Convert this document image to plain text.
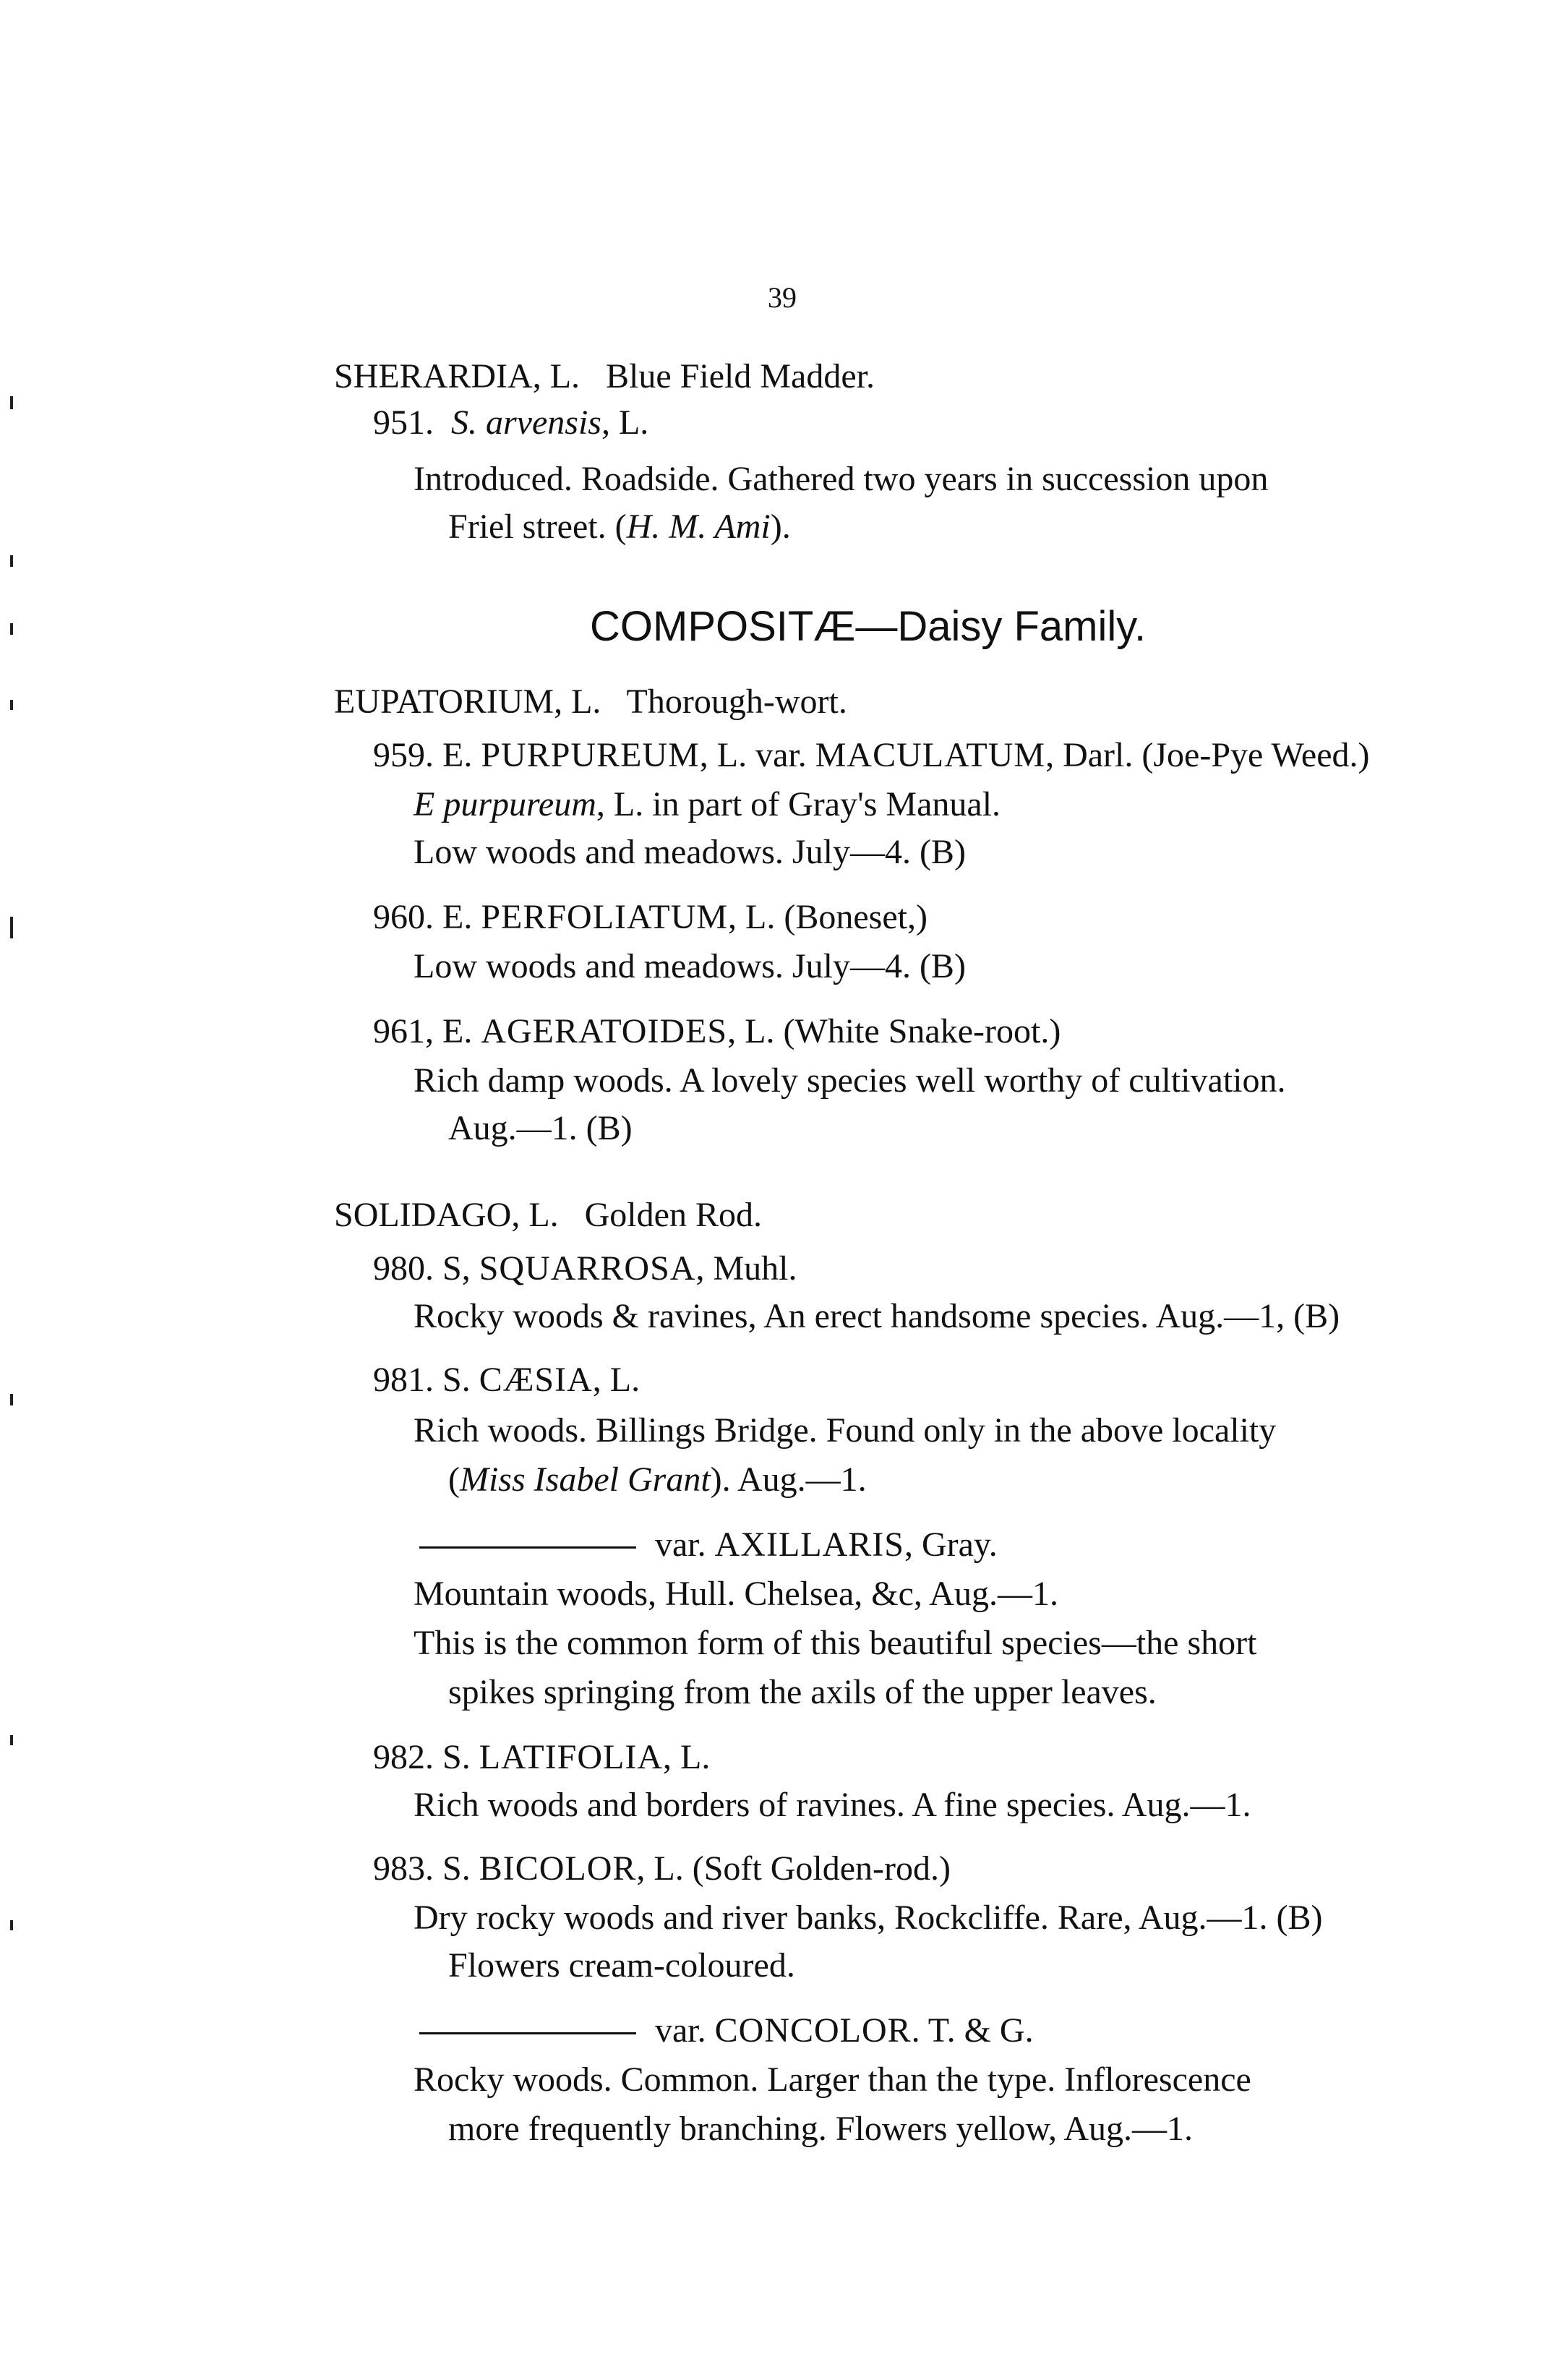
39
SHERARDIA, L. Blue Field Madder.
951. S. arvensis, L.
Introduced. Roadside. Gathered two years in succession upon
Friel street. (H. M. Ami).
COMPOSITÆ—Daisy Family.
EUPATORIUM, L. Thorough-wort.
959. E. PURPUREUM, L. var. MACULATUM, Darl. (Joe-Pye Weed.)
E purpureum, L. in part of Gray's Manual.
Low woods and meadows. July—4. (B)
960. E. PERFOLIATUM, L. (Boneset,)
Low woods and meadows. July—4. (B)
961, E. AGERATOIDES, L. (White Snake-root.)
Rich damp woods. A lovely species well worthy of cultivation.
Aug.—1. (B)
SOLIDAGO, L. Golden Rod.
980. S, SQUARROSA, Muhl.
Rocky woods & ravines, An erect handsome species. Aug.—1, (B)
981. S. CÆSIA, L.
Rich woods. Billings Bridge. Found only in the above locality
(Miss Isabel Grant). Aug.—1.
var. AXILLARIS, Gray.
Mountain woods, Hull. Chelsea, &c, Aug.—1.
This is the common form of this beautiful species—the short
spikes springing from the axils of the upper leaves.
982. S. LATIFOLIA, L.
Rich woods and borders of ravines. A fine species. Aug.—1.
983. S. BICOLOR, L. (Soft Golden-rod.)
Dry rocky woods and river banks, Rockcliffe. Rare, Aug.—1. (B)
Flowers cream-coloured.
var. CONCOLOR. T. & G.
Rocky woods. Common. Larger than the type. Inflorescence
more frequently branching. Flowers yellow, Aug.—1.
